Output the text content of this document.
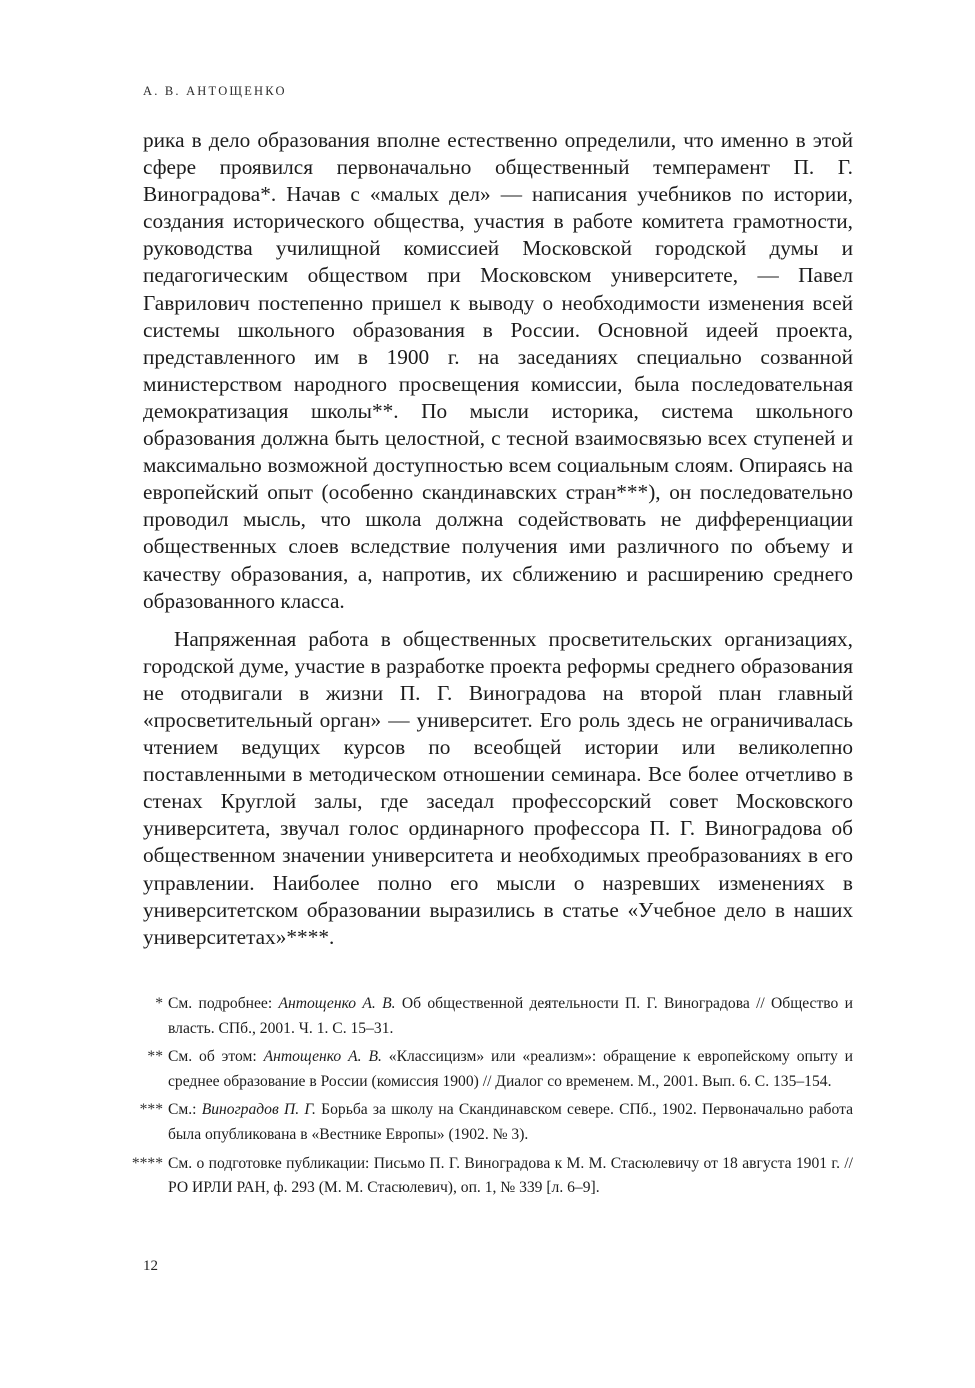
А. В. АНТОЩЕНКО

рика в дело образования вполне естественно определили, что именно в этой сфере проявился первоначально общественный темперамент П. Г. Виноградова*. Начав с «малых дел» — написания учебников по истории, создания исторического общества, участия в работе комитета грамотности, руководства училищной комиссией Московской городской думы и педагогическим обществом при Московском университете, — Павел Гаврилович постепенно пришел к выводу о необходимости изменения всей системы школьного образования в России. Основной идеей проекта, представленного им в 1900 г. на заседаниях специально созванной министерством народного просвещения комиссии, была последовательная демократизация школы**. По мысли историка, система школьного образования должна быть целостной, с тесной взаимосвязью всех ступеней и максимально возможной доступностью всем социальным слоям. Опираясь на европейский опыт (особенно скандинавских стран***), он последовательно проводил мысль, что школа должна содействовать не дифференциации общественных слоев вследствие получения ими различного по объему и качеству образования, а, напротив, их сближению и расширению среднего образованного класса.

Напряженная работа в общественных просветительских организациях, городской думе, участие в разработке проекта реформы среднего образования не отодвигали в жизни П. Г. Виноградова на второй план главный «просветительный орган» — университет. Его роль здесь не ограничивалась чтением ведущих курсов по всеобщей истории или великолепно поставленными в методическом отношении семинара. Все более отчетливо в стенах Круглой залы, где заседал профессорский совет Московского университета, звучал голос ординарного профессора П. Г. Виноградова об общественном значении университета и необходимых преобразованиях в его управлении. Наиболее полно его мысли о назревших изменениях в университетском образовании выразились в статье «Учебное дело в наших университетах»****.

* См. подробнее: Антощенко А. В. Об общественной деятельности П. Г. Виноградова // Общество и власть. СПб., 2001. Ч. 1. С. 15–31.
** См. об этом: Антощенко А. В. «Классицизм» или «реализм»: обращение к европейскому опыту и среднее образование в России (комиссия 1900) // Диалог со временем. М., 2001. Вып. 6. С. 135–154.
*** См.: Виноградов П. Г. Борьба за школу на Скандинавском севере. СПб., 1902. Первоначально работа была опубликована в «Вестнике Европы» (1902. № 3).
**** См. о подготовке публикации: Письмо П. Г. Виноградова к М. М. Стасюлевичу от 18 августа 1901 г. // РО ИРЛИ РАН, ф. 293 (М. М. Стасюлевич), оп. 1, № 339 [л. 6–9].
12
